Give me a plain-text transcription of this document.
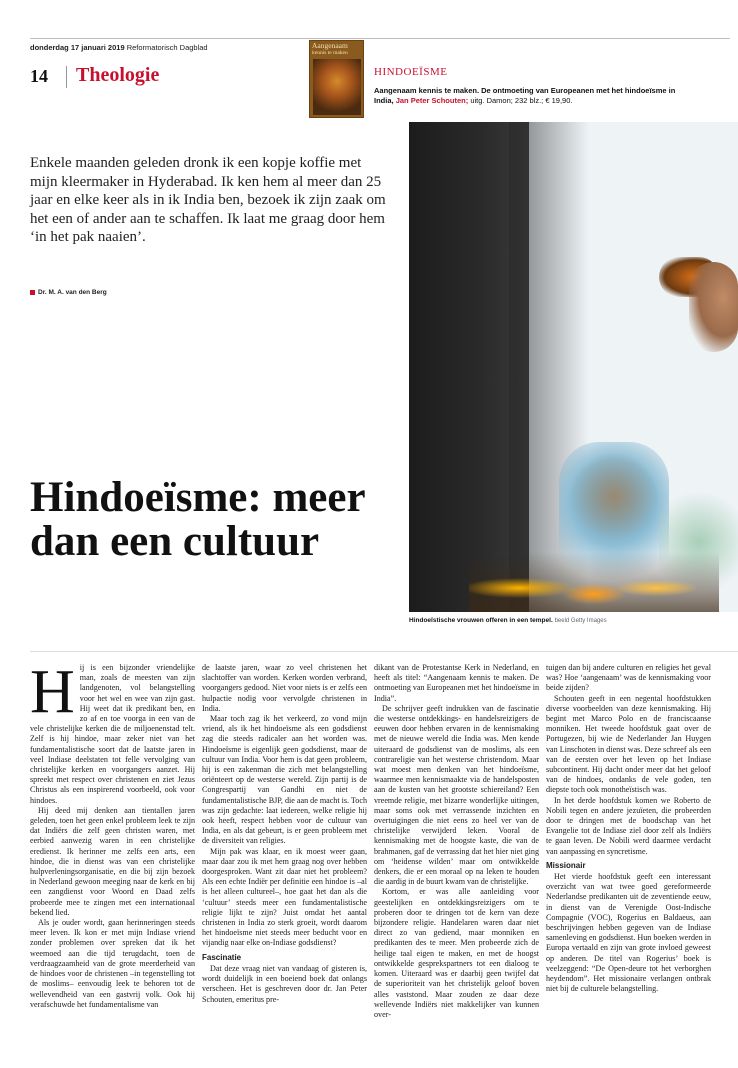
donderdag 17 januari 2019 Reformatorisch Dagblad
14 Theologie
Aangenaam
kennis te maken
HINDOEÏSME
Aangenaam kennis te maken. De ontmoeting van Europeanen met het hindoeïsme in India, Jan Peter Schouten; uitg. Damon; 232 blz.; € 19,90.
Enkele maanden geleden dronk ik een kopje koffie met mijn kleermaker in Hyderabad. Ik ken hem al meer dan 25 jaar en elke keer als in ik India ben, bezoek ik zijn zaak om het een of ander aan te schaffen. Ik laat me graag door hem ‘in het pak naaien’.
Dr. M. A. van den Berg
Hindoeïsme: meer dan een cultuur
Hindoeïstische vrouwen offeren in een tempel. beeld Getty Images
H ij is een bijzonder vriendelijke man, zoals de meesten van zijn landgenoten, vol belangstelling voor het wel en wee van zijn gast. Hij weet dat ik predikant ben, en zo af en toe voorga in een van de vele christelijke kerken die de miljoenenstad telt. Zelf is hij hindoe, maar zeker niet van het fundamentalistische soort dat de laatste jaren in veel Indiase deelstaten tot felle vervolging van christelijke kerken en voorgangers aanzet. Hij spreekt met respect over christenen en ziet Jezus Christus als een inspirerend voorbeeld, ook voor hindoes.

Hij deed mij denken aan tientallen jaren geleden, toen het geen enkel probleem leek te zijn dat Indiërs die zelf geen christen waren, met eerbied aanwezig waren in een christelijke eredienst. Ik herinner me zelfs een arts, een hindoe, die in dienst was van een christelijke hulpverleningsorganisatie, en die bij zijn bezoek in Nederland gewoon meeging naar de kerk en bij een zangdienst voor Woord en Daad zelfs probeerde mee te zingen met een internationaal bekend lied.

Als je ouder wordt, gaan herinneringen steeds meer leven. Ik kon er met mijn Indiase vriend zonder problemen over spreken dat ik het weemoed aan die tijd terugdacht, toen de verdraagzaamheid van de grote meerderheid van de hindoes voor de christenen –in tegenstelling tot de moslims– eenvoudig leek te behoren tot de wellevendheid van een gastvrij volk. Ook hij verafschuwde het fundamentalisme van

de laatste jaren, waar zo veel christenen het slachtoffer van worden. Kerken worden verbrand, voorgangers gedood. Niet voor niets is er zelfs een hulpactie nodig voor vervolgde christenen in India.

Maar toch zag ik het verkeerd, zo vond mijn vriend, als ik het hindoeïsme als een godsdienst zag die steeds radicaler aan het worden was. Hindoeïsme is eigenlijk geen godsdienst, maar de cultuur van India. Voor hem is dat geen probleem, hij is een zakenman die zich met belangstelling oriënteert op de westerse wereld. Zijn partij is de Congrespartij van Gandhi en niet de fundamentalistische BJP, die aan de macht is. Toch was zijn gedachte: laat iedereen, welke religie hij ook heeft, respect hebben voor de cultuur van India, en als dat gebeurt, is er geen probleem met de diversiteit van religies.

Mijn pak was klaar, en ik moest weer gaan, maar daar zou ik met hem graag nog over hebben doorgesproken. Want zit daar niet het probleem? Als een echte Indiër per definitie een hindoe is –al is het alleen cultureel–, hoe gaat het dan als die ‘cultuur’ steeds meer een fundamentalistische religie lijkt te zijn? Juist omdat het aantal christenen in India zo sterk groeit, wordt daarom het hindoeïsme niet steeds meer beducht voor en vijandig naar elke on-Indiase godsdienst?

Fascinatie

Dat deze vraag niet van vandaag of gisteren is, wordt duidelijk in een boeiend boek dat onlangs verscheen. Het is geschreven door dr. Jan Peter Schouten, emeritus pre-

dikant van de Protestantse Kerk in Nederland, en heeft als titel: “Aangenaam kennis te maken. De ontmoeting van Europeanen met het hindoeïsme in India”.

De schrijver geeft indrukken van de fascinatie die westerse ontdekkings- en handelsreizigers de eeuwen door hebben ervaren in de kennismaking met de nieuwe wereld die India was. Men kende uiteraard de godsdienst van de moslims, als een contrareligie van het westerse christendom. Maar wat moest men denken van het hindoeïsme, waarmee men kennismaakte via de handelsposten aan de kusten van het grootste schiereiland? Een vreemde religie, met bizarre wonderlijke uitingen, maar soms ook met verrassende inzichten en overtuigingen die niet eens zo heel ver van de christelijke verwijderd leken. Vooral de kennismaking met de hoogste kaste, die van de brahmanen, gaf de verrassing dat het hier niet ging om ‘heidense wilden’ maar om ontwikkelde denkers, die er een moraal op na leken te houden die aardig in de buurt kwam van de christelijke.

Kortom, er was alle aanleiding voor geestelijken en ontdekkingsreizigers om te proberen door te dringen tot de kern van deze bijzondere religie. Handelaren waren daar niet direct zo van gediend, maar monniken en predikanten des te meer. Men probeerde zich de heilige taal eigen te maken, en met de hoogst ontwikkelde gesprekspartners tot een dialoog te komen. Uiteraard was er daarbij geen twijfel dat de superioriteit van het christelijk geloof boven alles vaststond. Maar zouden ze daar deze wellevende Indiërs niet makkelijker van kunnen over-

tuigen dan bij andere culturen en religies het geval was? Hoe ‘aangenaam’ was de kennismaking voor beide zijden?

Schouten geeft in een negental hoofdstukken diverse voorbeelden van deze kennismaking. Hij begint met Marco Polo en de franciscaanse monniken. Het tweede hoofdstuk gaat over de Portugezen, bij wie de Nederlander Jan Huygen van Linschoten in dienst was. Deze schreef als een van de eersten over het leven op het Indiase subcontinent. Hij dacht onder meer dat het geloof van de hindoes, ondanks de vele goden, ten diepste toch ook monotheïstisch was.

In het derde hoofdstuk komen we Roberto de Nobili tegen en andere jezuïeten, die probeerden door te dringen met de boodschap van het Evangelie tot de Indiase ziel door zelf als Indiërs te gaan leven. De Nobili werd daarmee verdacht van aanpassing en syncretisme.

Missionair

Het vierde hoofdstuk geeft een interessant overzicht van wat twee goed gereformeerde Nederlandse predikanten uit de zeventiende eeuw, in dienst van de Verenigde Oost-Indische Compagnie (VOC), Rogerius en Baldaeus, aan beschrijvingen hebben gegeven van de Indiase samenleving en godsdienst. Hun boeken werden in Europa vertaald en zijn van grote invloed geweest op anderen. De titel van Rogerius’ boek is veelzeggend: “De Open-deure tot het verborghen heydendom”. Het missionaire verlangen ontbrak niet bij de culturele belangstelling.
